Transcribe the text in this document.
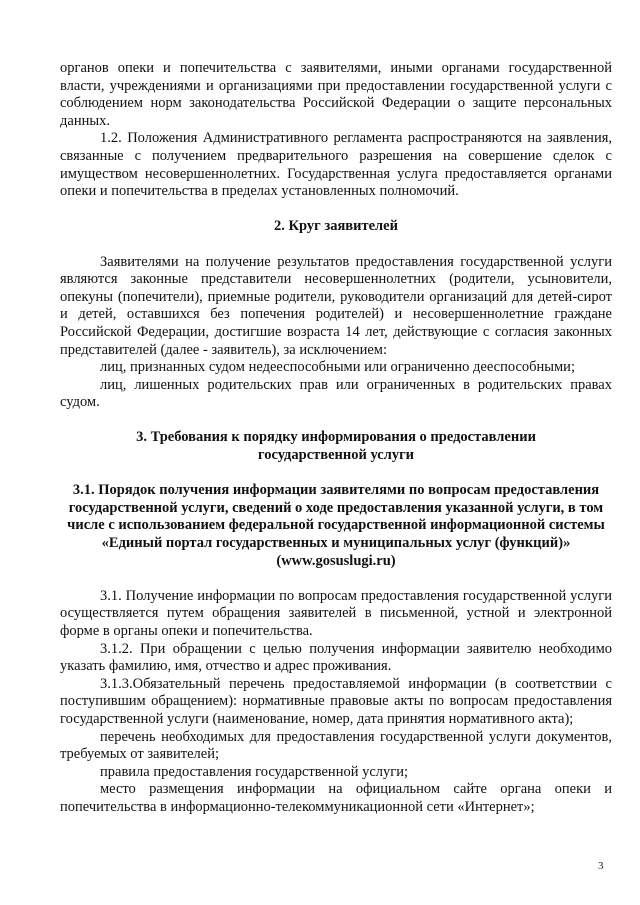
органов опеки и попечительства с заявителями, иными органами государственной власти, учреждениями и организациями при предоставлении государственной услуги с соблюдением норм законодательства Российской Федерации о защите персональных данных.

1.2. Положения Административного регламента распространяются на заявления, связанные с получением предварительного разрешения на совершение сделок с имуществом несовершеннолетних. Государственная услуга предоставляется органами опеки и попечительства в пределах установленных полномочий.

2. Круг заявителей

Заявителями на получение результатов предоставления государственной услуги являются законные представители несовершеннолетних (родители, усыновители, опекуны (попечители), приемные родители, руководители организаций для детей-сирот и детей, оставшихся без попечения родителей) и несовершеннолетние граждане Российской Федерации, достигшие возраста 14 лет, действующие с согласия законных представителей (далее - заявитель), за исключением:

лиц, признанных судом недееспособными или ограниченно дееспособными;

лиц, лишенных родительских прав или ограниченных в родительских правах судом.

3. Требования к порядку информирования о предоставлении государственной услуги
3.1. Порядок получения информации заявителями по вопросам предоставления государственной услуги, сведений о ходе предоставления указанной услуги, в том числе с использованием федеральной государственной информационной системы «Единый портал государственных и муниципальных услуг (функций)» (www.gosuslugi.ru)

3.1. Получение информации по вопросам предоставления государственной услуги осуществляется путем обращения заявителей в письменной, устной и электронной форме в органы опеки и попечительства.

3.1.2. При обращении с целью получения информации заявителю необходимо указать фамилию, имя, отчество и адрес проживания.

3.1.3.Обязательный перечень предоставляемой информации (в соответствии с поступившим обращением): нормативные правовые акты по вопросам предоставления государственной услуги (наименование, номер, дата принятия нормативного акта);

перечень необходимых для предоставления государственной услуги документов, требуемых от заявителей;

правила предоставления государственной услуги;

место размещения информации на официальном сайте органа опеки и попечительства в информационно-телекоммуникационной сети «Интернет»;

3
